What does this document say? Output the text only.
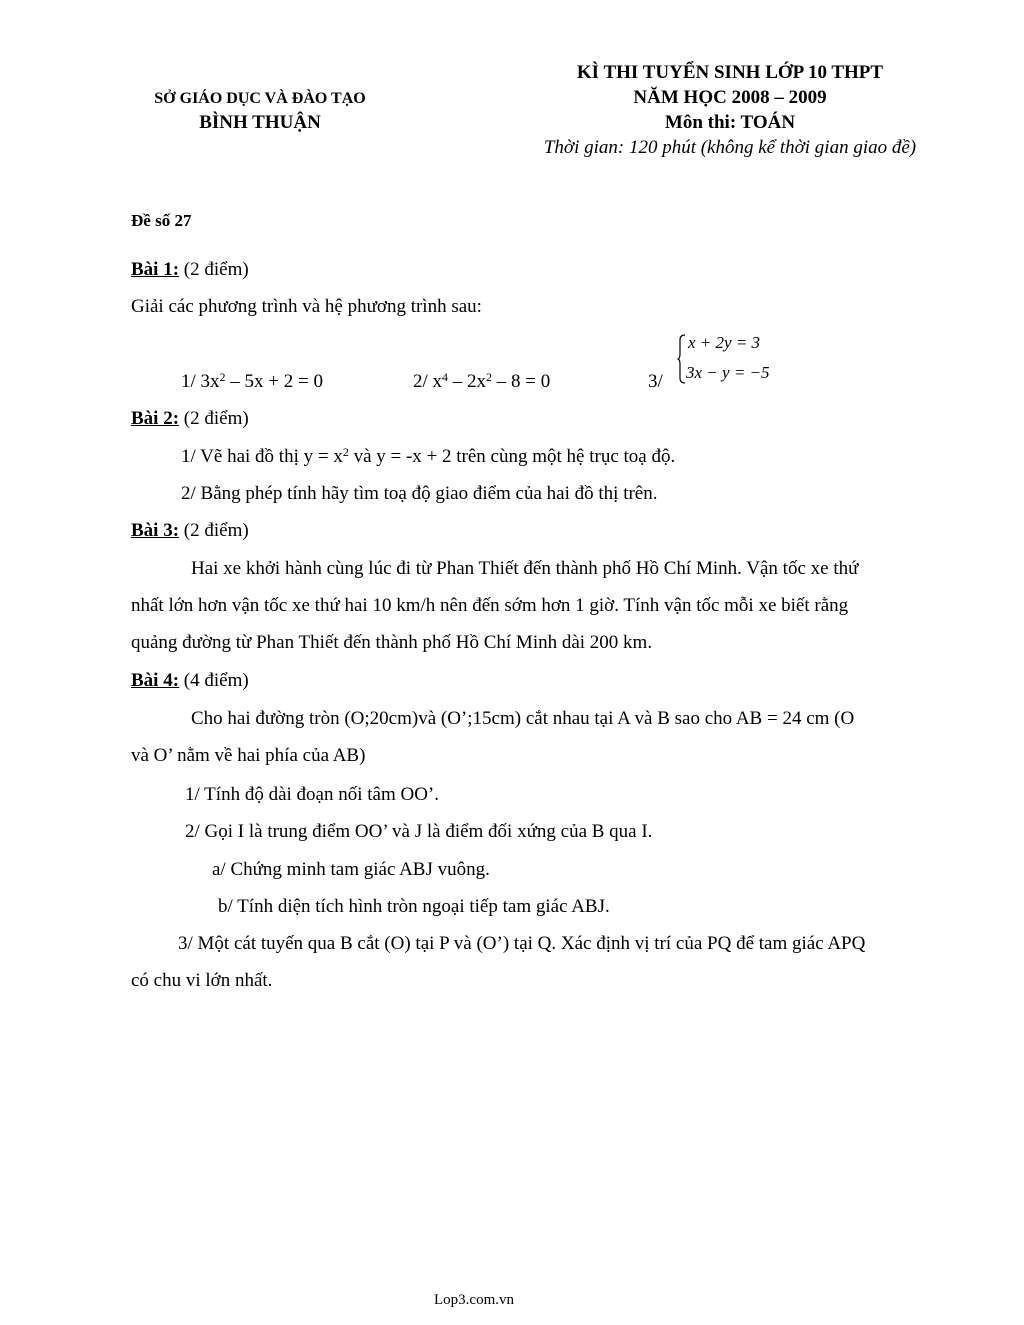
SỞ GIÁO DỤC VÀ ĐÀO TẠO
BÌNH THUẬN
KÌ THI TUYỂN SINH LỚP 10 THPT
NĂM HỌC 2008 – 2009
Môn thi: TOÁN
Thời gian: 120 phút (không kể thời gian giao đề)
Đề số 27
Bài 1: (2 điểm)
Giải các phương trình và hệ phương trình sau:
1/ $3x^2 - 5x + 2 = 0$	2/ $x^4 - 2x^2 - 8 = 0$	3/
x + 2y = 3
3x − y = −5
Bài 2: (2 điểm)
1/ Vẽ hai đồ thị $y = x^2$ và y = -x + 2 trên cùng một hệ trục toạ độ.
2/ Bằng phép tính hãy tìm toạ độ giao điểm của hai đồ thị trên.
Bài 3: (2 điểm)
Hai xe khởi hành cùng lúc đi từ Phan Thiết đến thành phố Hồ Chí Minh. Vận tốc xe thứ
nhất lớn hơn vận tốc xe thứ hai 10 km/h nên đến sớm hơn 1 giờ. Tính vận tốc mỗi xe biết rằng
quảng đường từ Phan Thiết đến thành phố Hồ Chí Minh dài 200 km.
Bài 4: (4 điểm)
Cho hai đường tròn (O;20cm)và (O’;15cm) cắt nhau tại A và B sao cho AB = 24 cm (O
và O’ nằm về hai phía của AB)
1/ Tính độ dài đoạn nối tâm OO’.
2/ Gọi I là trung điểm OO’ và J là điểm đối xứng của B qua I.
a/ Chứng minh tam giác ABJ vuông.
b/ Tính diện tích hình tròn ngoại tiếp tam giác ABJ.
3/ Một cát tuyến qua B cắt (O) tại P và (O’) tại Q. Xác định vị trí của PQ để tam giác APQ
có chu vi lớn nhất.
Lop3.com.vn
